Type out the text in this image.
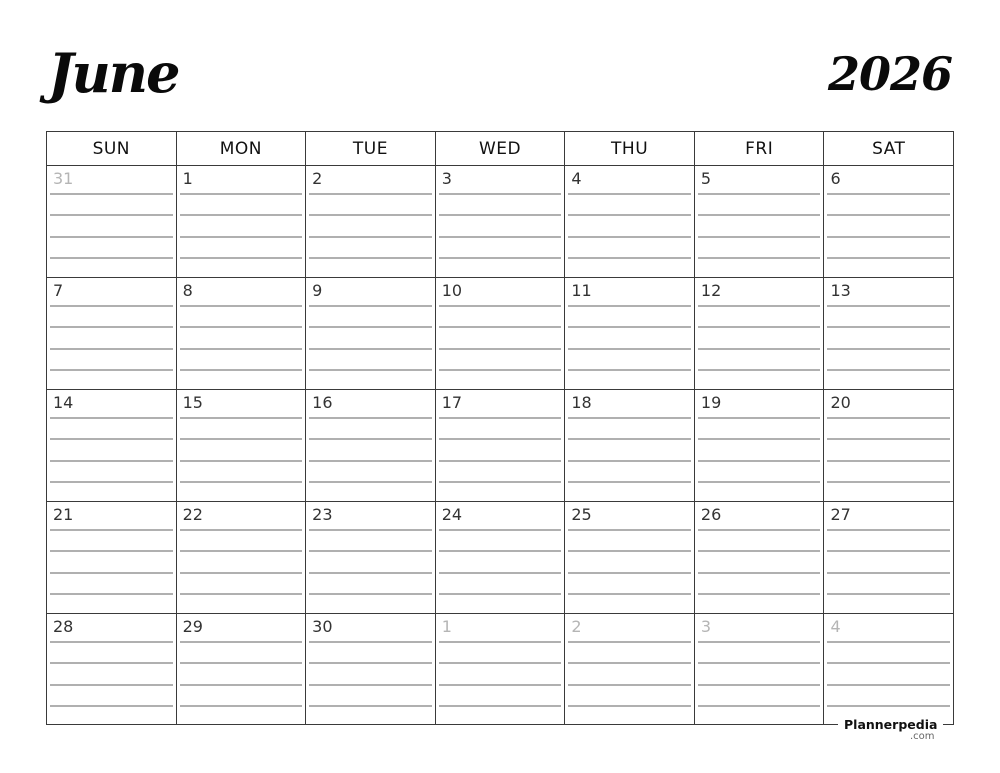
June	2026
SUN	MON	TUE	WED	THU	FRI	SAT
31	1	2	3	4	5	6
7	8	9	10	11	12	13
14	15	16	17	18	19	20
21	22	23	24	25	26	27
28	29	30	1	2	3	4
Plannerpedia
.com
